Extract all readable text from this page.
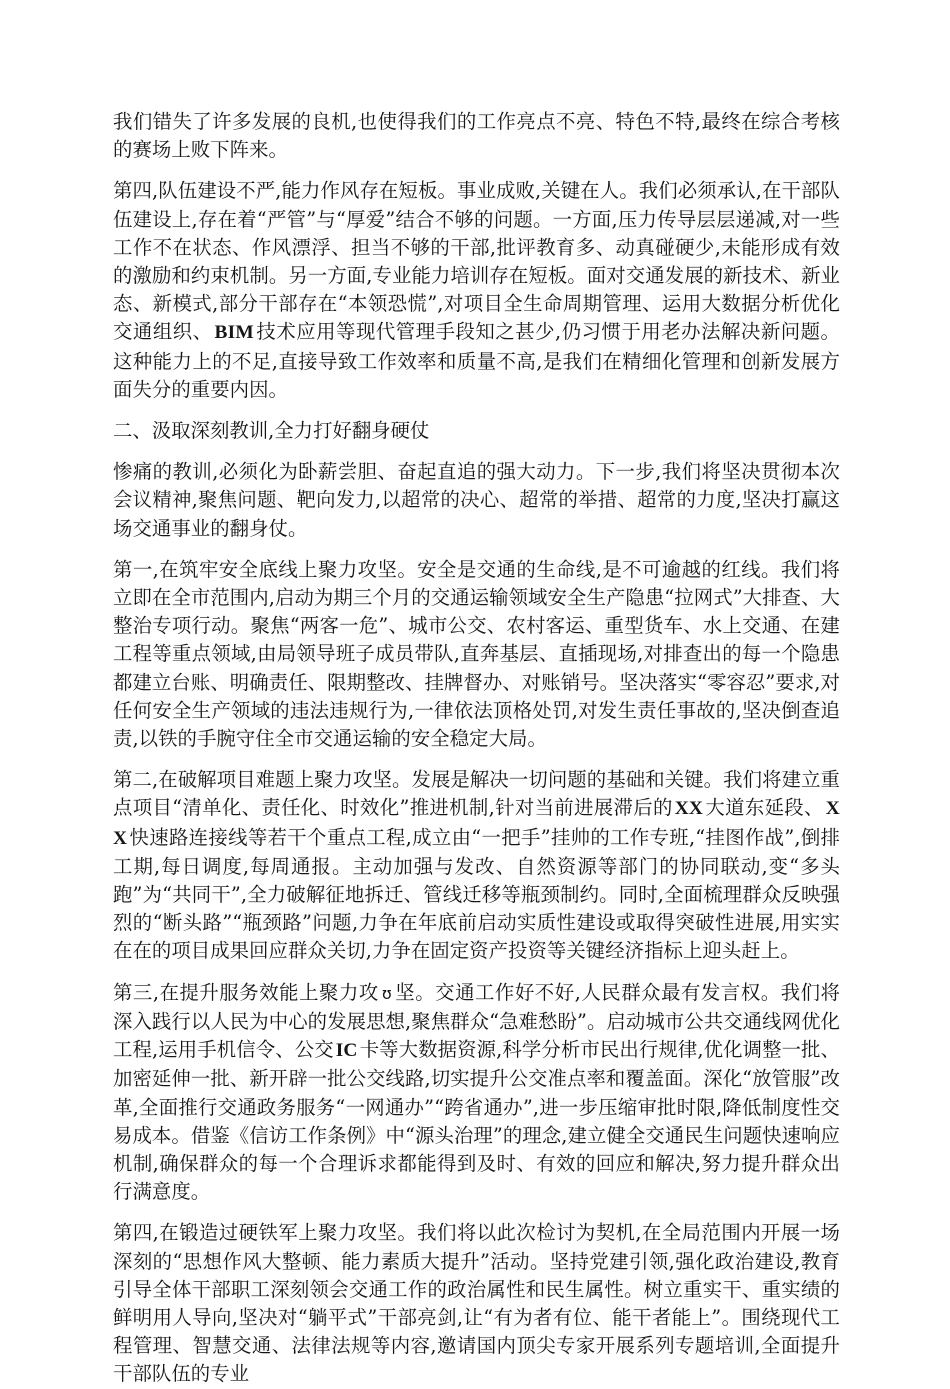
我们错失了许多发展的良机,也使得我们的工作亮点不亮、特色不特,最终在综合考核的赛场上败下阵来。

第四,队伍建设不严,能力作风存在短板。事业成败,关键在人。我们必须承认,在干部队伍建设上,存在着“严管”与“厚爱”结合不够的问题。一方面,压力传导层层递减,对一些工作不在状态、作风漂浮、担当不够的干部,批评教育多、动真碰硬少,未能形成有效的激励和约束机制。另一方面,专业能力培训存在短板。面对交通发展的新技术、新业态、新模式,部分干部存在“本领恐慌”,对项目全生命周期管理、运用大数据分析优化交通组织、 BIM 技术应用等现代管理手段知之甚少,仍习惯于用老办法解决新问题。这种能力上的不足,直接导致工作效率和质量不高,是我们在精细化管理和创新发展方面失分的重要内因。

二、汲取深刻教训,全力打好翻身硬仗

惨痛的教训,必须化为卧薪尝胆、奋起直追的强大动力。下一步,我们将坚决贯彻本次会议精神,聚焦问题、靶向发力,以超常的决心、超常的举措、超常的力度,坚决打赢这场交通事业的翻身仗。

第一,在筑牢安全底线上聚力攻坚。安全是交通的生命线,是不可逾越的红线。我们将立即在全市范围内,启动为期三个月的交通运输领域安全生产隐患“拉网式”大排查、大整治专项行动。聚焦“两客一危”、城市公交、农村客运、重型货车、水上交通、在建工程等重点领域,由局领导班子成员带队,直奔基层、直插现场,对排查出的每一个隐患都建立台账、明确责任、限期整改、挂牌督办、对账销号。坚决落实“零容忍”要求,对任何安全生产领域的违法违规行为,一律依法顶格处罚,对发生责任事故的,坚决倒查追责,以铁的手腕守住全市交通运输的安全稳定大局。

第二,在破解项目难题上聚力攻坚。发展是解决一切问题的基础和关键。我们将建立重点项目“清单化、责任化、时效化”推进机制,针对当前进展滞后的 XX 大道东延段、 XX 快速路连接线等若干个重点工程,成立由“一把手”挂帅的工作专班,“挂图作战”,倒排工期,每日调度,每周通报。主动加强与发改、自然资源等部门的协同联动,变“多头跑”为“共同干”,全力破解征地拆迁、管线迁移等瓶颈制约。同时,全面梳理群众反映强烈的“断头路”“瓶颈路”问题,力争在年底前启动实质性建设或取得突破性进展,用实实在在的项目成果回应群众关切,力争在固定资产投资等关键经济指标上迎头赶上。

第三,在提升服务效能上聚力攻 ʊ 坚。交通工作好不好,人民群众最有发言权。我们将深入践行以人民为中心的发展思想,聚焦群众“急难愁盼”。启动城市公共交通线网优化工程,运用手机信令、公交 IC 卡等大数据资源,科学分析市民出行规律,优化调整一批、加密延伸一批、新开辟一批公交线路,切实提升公交准点率和覆盖面。深化“放管服”改革,全面推行交通政务服务“一网通办”“跨省通办”,进一步压缩审批时限,降低制度性交易成本。借鉴《信访工作条例》中“源头治理”的理念,建立健全交通民生问题快速响应机制,确保群众的每一个合理诉求都能得到及时、有效的回应和解决,努力提升群众出行满意度。

第四,在锻造过硬铁军上聚力攻坚。我们将以此次检讨为契机,在全局范围内开展一场深刻的“思想作风大整顿、能力素质大提升”活动。坚持党建引领,强化政治建设,教育引导全体干部职工深刻领会交通工作的政治属性和民生属性。树立重实干、重实绩的鲜明用人导向,坚决对“躺平式”干部亮剑,让“有为者有位、能干者能上”。围绕现代工程管理、智慧交通、法律法规等内容,邀请国内顶尖专家开展系列专题培训,全面提升干部队伍的专业
